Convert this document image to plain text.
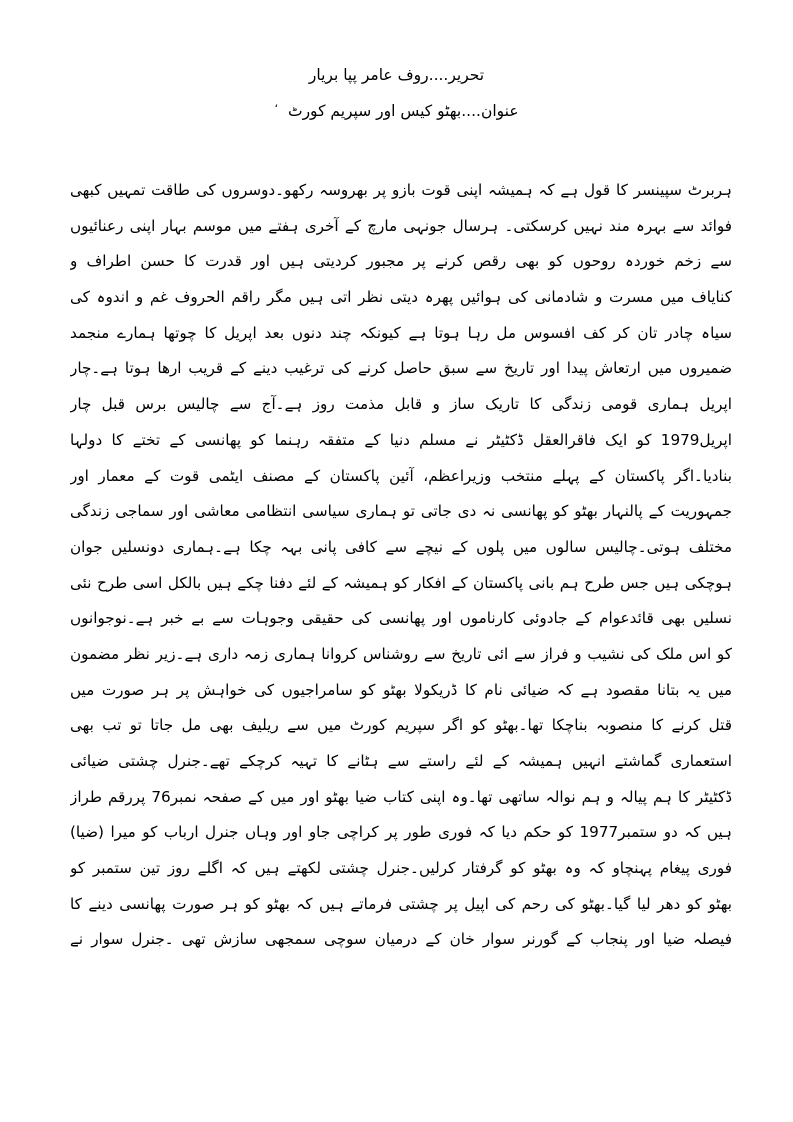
تحریر....روف عامر پپا بریار
عنوان....بھٹو کیس اور سپریم کورٹ،
ہربرٹ سپینسر کا قول ہے کہ ہمیشہ اپنی قوت بازو پر بھروسہ رکھو۔دوسروں کی طاقت تمہیں کبھی
فوائد سے بہرہ مند نہیں کرسکتی۔ ہرسال جونہی مارچ کے آخری ہفتے میں موسم بہار اپنی رعنائیوں
سے زخم خوردہ روحوں کو بھی رقص کرنے پر مجبور کردیتی ہیں اور قدرت کا حسن اطراف و
کنایاف میں مسرت و شادمانی کی ہوائیں پھرہ دیتی نظر اتی ہیں مگر راقم الحروف غم و اندوہ کی
سیاہ چادر تان کر کف افسوس مل رہا ہوتا ہے کیونکہ چند دنوں بعد اپریل کا چوتھا ہمارے منجمد
ضمیروں میں ارتعاش پیدا اور تاریخ سے سبق حاصل کرنے کی ترغیب دینے کے قریب ارھا ہوتا ہے۔چار
اپریل ہماری قومی زندگی کا تاریک ساز و قابل مذمت روز ہے۔آج سے چالیس برس قبل چار
اپریل1979 کو ایک فاقرالعقل ڈکٹیٹر نے مسلم دنیا کے متفقہ رہنما کو پھانسی کے تختے کا دولہا
بنادیا۔اگر پاکستان کے پہلے منتخب وزیراعظم، آئین پاکستان کے مصنف ایٹمی قوت کے معمار اور
جمہوریت کے پالنہار بھٹو کو پھانسی نہ دی جاتی تو ہماری سیاسی انتظامی معاشی اور سماجی زندگی
مختلف ہوتی۔چالیس سالوں میں پلوں کے نیچے سے کافی پانی بہہ چکا ہے۔ہماری دونسلیں جوان
ہوچکی ہیں جس طرح ہم بانی پاکستان کے افکار کو ہمیشہ کے لئے دفنا چکے ہیں بالکل اسی طرح نئی
نسلیں بھی قائدعوام کے جادوئی کارناموں اور پھانسی کی حقیقی وجوہات سے بے خبر ہے۔نوجوانوں
کو اس ملک کی نشیب و فراز سے ائی تاریخ سے روشناس کروانا ہماری زمہ داری ہے۔زیر نظر مضمون
میں یہ بتانا مقصود ہے کہ ضیائی نام کا ڈریکولا بھٹو کو سامراجیوں کی خواہش پر ہر صورت میں
قتل کرنے کا منصوبہ بناچکا تھا۔بھٹو کو اگر سپریم کورٹ میں سے ریلیف بھی مل جاتا تو تب بھی
استعماری گماشتے انہیں ہمیشہ کے لئے راستے سے ہٹانے کا تہیہ کرچکے تھے۔جنرل چشتی ضیائی
ڈکٹیٹر کا ہم پیالہ و ہم نوالہ ساتھی تھا۔وہ اپنی کتاب ضیا بھٹو اور میں کے صفحہ نمبر76 پررقم طراز
ہیں کہ دو ستمبر1977 کو حکم دیا کہ فوری طور پر کراچی جاو اور وہاں جنرل ارباب کو میرا (ضیا)
فوری پیغام پہنچاو کہ وہ بھٹو کو گرفتار کرلیں۔جنرل چشتی لکھتے ہیں کہ اگلے روز تین ستمبر کو
بھٹو کو دھر لیا گیا۔بھٹو کی رحم کی اپیل پر چشتی فرماتے ہیں کہ بھٹو کو ہر صورت پھانسی دینے کا
فیصلہ ضیا اور پنجاب کے گورنر سوار خان کے درمیان سوچی سمجھی سازش تھی ۔جنرل سوار نے
